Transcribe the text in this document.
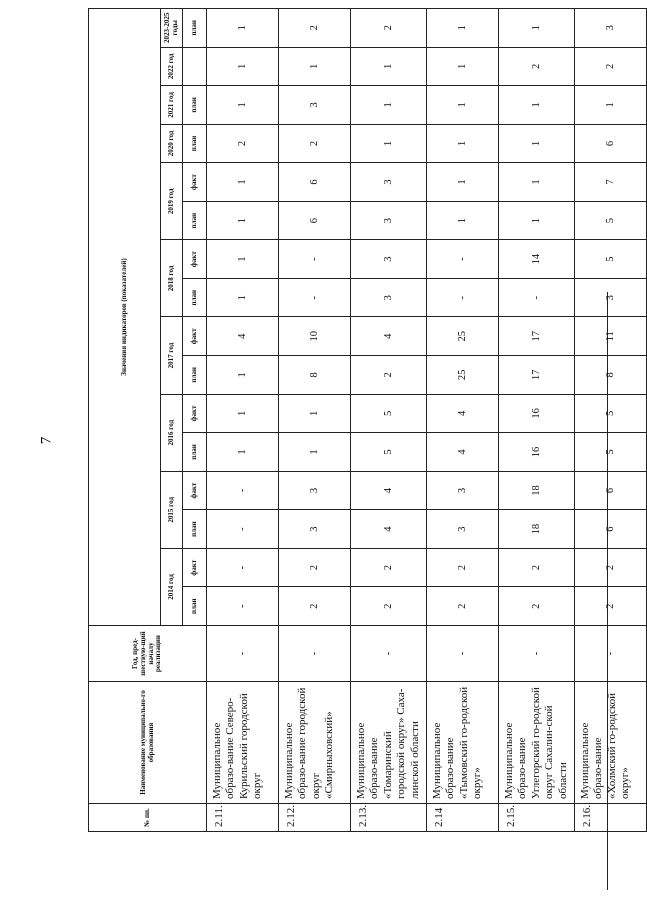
7
№ пп.	Наименование муниципально-го образования	Год, пред-шествую-щий началу реализации	Значения индикаторов (показателей)															
			2014 год		2015 год		2016 год		2017 год		2018 год		2019 год		2020 год	2021 год	2022 год	2023-2025 годы
			план	факт	план	факт	план	факт	план	факт	план	факт	план	факт	план	план		план
2.11.	Муниципальное образо-вание Северо-Курильский городской округ	-	-	-	-	-	1	1	1	4	1	1	1	1	2	1	1	1
2.12.	Муниципальное образо-вание городской округ «Смирныховский»	-	2	2	3	3	1	1	8	10	-	-	6	6	2	3	1	2
2.13.	Муниципальное образо-вание «Томаринский городской округ» Саха-линской области	-	2	2	4	4	5	5	2	4	3	3	3	3	1	1	1	2
2.14	Муниципальное образо-вание «Тымовский го-родской округ»	-	2	2	3	3	4	4	25	25	-	-	1	1	1	1	1	1
2.15.	Муниципальное образо-вание Углегорский го-родской округ Сахалин-ской области	-	2	2	18	18	16	16	17	17	-	14	1	1	1	1	2	1
2.16.	Муниципальное образо-вание «Холмский го-родской округ»	-	2	2	6	6	5	5	8	11	3	5	5	7	6	1	2	3
